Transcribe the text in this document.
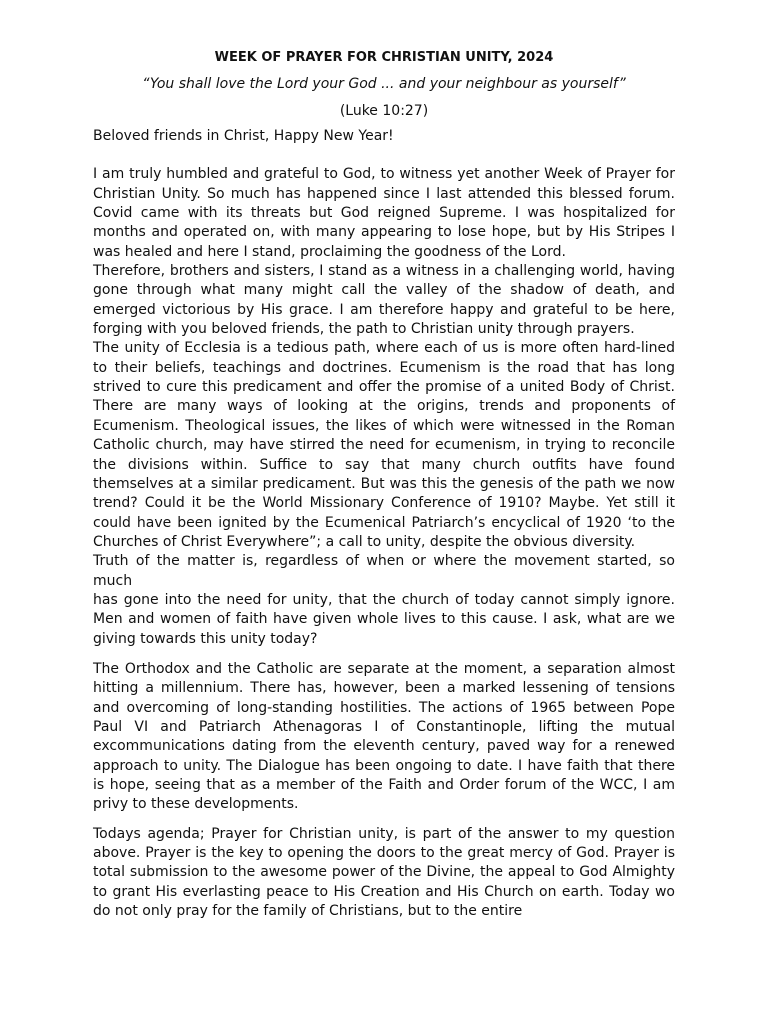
WEEK OF PRAYER FOR CHRISTIAN UNITY, 2024
“You shall love the Lord your God ... and your neighbour as yourself”
(Luke 10:27)

Beloved friends in Christ, Happy New Year!

I am truly humbled and grateful to God, to witness yet another Week of Prayer for Christian Unity. So much has happened since I last attended this blessed forum. Covid came with its threats but God reigned Supreme. I was hospitalized for months and operated on, with many appearing to lose hope, but by His Stripes I was healed and here I stand, proclaiming the goodness of the Lord.

Therefore, brothers and sisters, I stand as a witness in a challenging world, having gone through what many might call the valley of the shadow of death, and emerged victorious by His grace. I am therefore happy and grateful to be here, forging with you beloved friends, the path to Christian unity through prayers.

The unity of Ecclesia is a tedious path, where each of us is more often hard-lined to their beliefs, teachings and doctrines. Ecumenism is the road that has long strived to cure this predicament and offer the promise of a united Body of Christ. There are many ways of looking at the origins, trends and proponents of Ecumenism. Theological issues, the likes of which were witnessed in the Roman Catholic church, may have stirred the need for ecumenism, in trying to reconcile the divisions within. Suffice to say that many church outfits have found themselves at a similar predicament. But was this the genesis of the path we now trend? Could it be the World Missionary Conference of 1910? Maybe. Yet still it could have been ignited by the Ecumenical Patriarch’s encyclical of 1920 ‘to the Churches of Christ Everywhere”; a call to unity, despite the obvious diversity.

Truth of the matter is, regardless of when or where the movement started, so much

has gone into the need for unity, that the church of today cannot simply ignore. Men and women of faith have given whole lives to this cause. I ask, what are we giving towards this unity today?

The Orthodox and the Catholic are separate at the moment, a separation almost hitting a millennium. There has, however, been a marked lessening of tensions and overcoming of long-standing hostilities. The actions of 1965 between Pope Paul VI and Patriarch Athenagoras I of Constantinople, lifting the mutual excommunications dating from the eleventh century, paved way for a renewed approach to unity. The Dialogue has been ongoing to date. I have faith that there is hope, seeing that as a member of the Faith and Order forum of the WCC, I am privy to these developments.

Todays agenda; Prayer for Christian unity, is part of the answer to my question above. Prayer is the key to opening the doors to the great mercy of God. Prayer is total submission to the awesome power of the Divine, the appeal to God Almighty to grant His everlasting peace to His Creation and His Church on earth. Today wo do not only pray for the family of Christians, but to the entire
